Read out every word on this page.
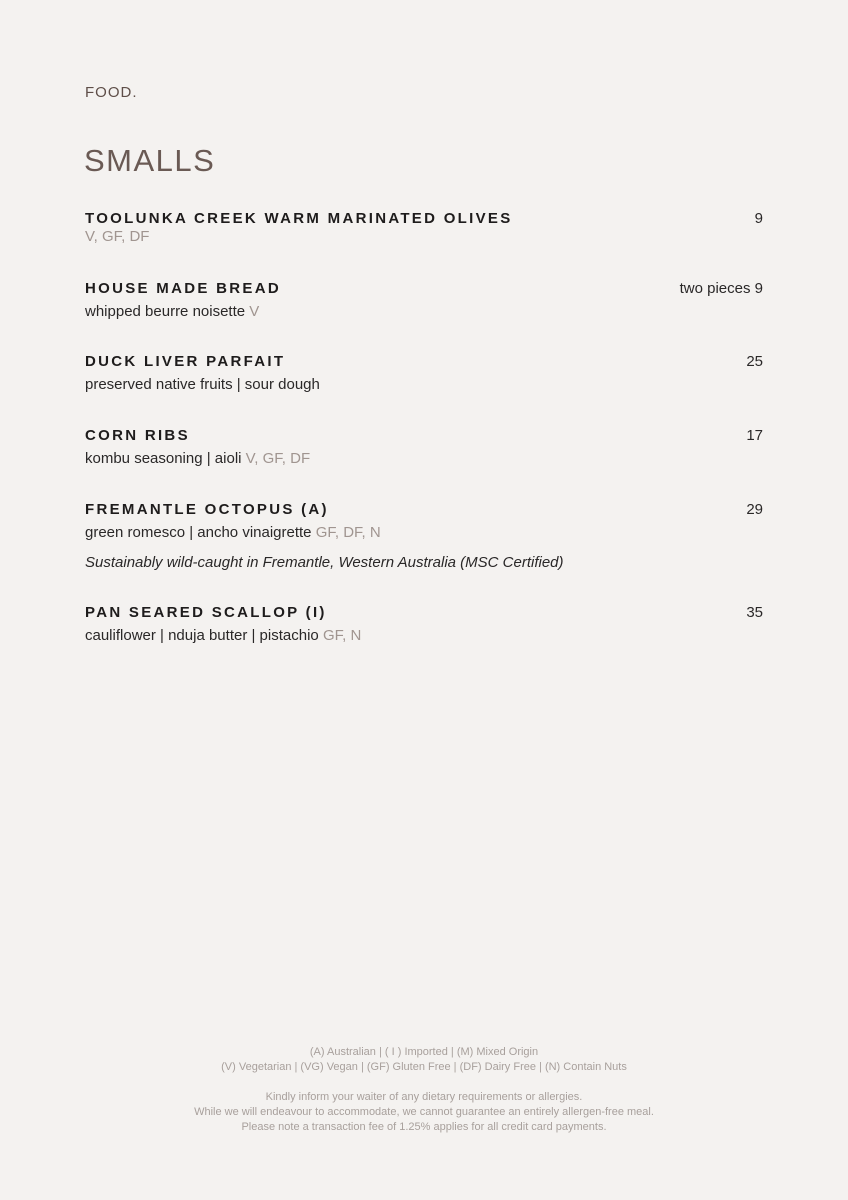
FOOD.
SMALLS
TOOLUNKA CREEK WARM MARINATED OLIVES	9
V, GF, DF
HOUSE MADE BREAD	two pieces 9
whipped beurre noisette V
DUCK LIVER PARFAIT	25
preserved native fruits | sour dough
CORN RIBS	17
kombu seasoning | aioli V, GF, DF
FREMANTLE OCTOPUS (A)	29
green romesco | ancho vinaigrette GF, DF, N
Sustainably wild-caught in Fremantle, Western Australia (MSC Certified)
PAN SEARED SCALLOP (I)	35
cauliflower | nduja butter | pistachio GF, N
(A) Australian | ( I ) Imported | (M) Mixed Origin
(V) Vegetarian | (VG) Vegan | (GF) Gluten Free | (DF) Dairy Free | (N) Contain Nuts
Kindly inform your waiter of any dietary requirements or allergies.
While we will endeavour to accommodate, we cannot guarantee an entirely allergen-free meal.
Please note a transaction fee of 1.25% applies for all credit card payments.
